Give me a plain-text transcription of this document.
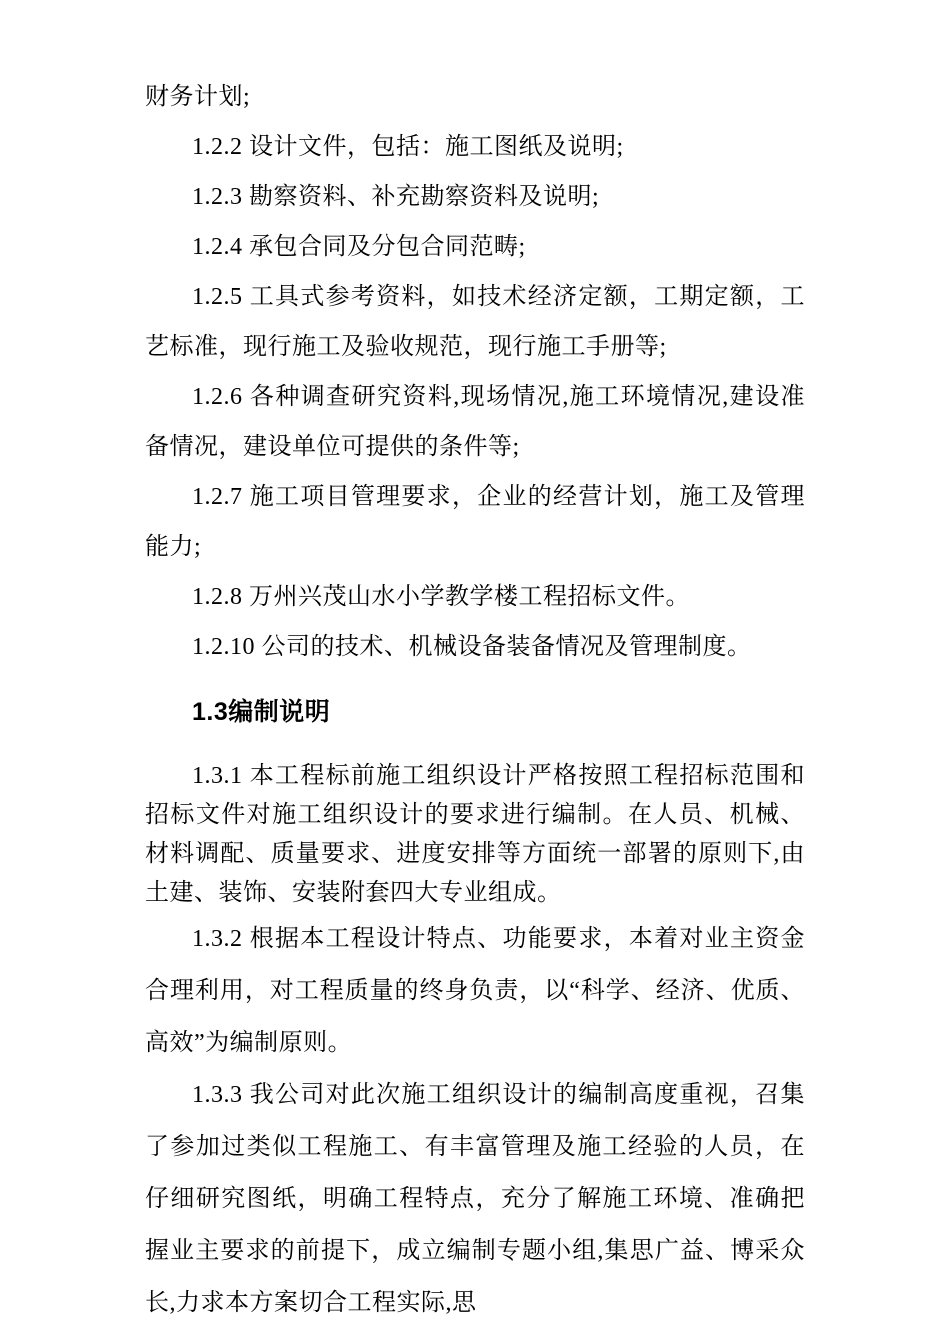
财务计划;

1.2.2 设计文件，包括：施工图纸及说明;

1.2.3 勘察资料、补充勘察资料及说明;

1.2.4 承包合同及分包合同范畴;

1.2.5 工具式参考资料，如技术经济定额，工期定额，工艺标准，现行施工及验收规范，现行施工手册等;

1.2.6 各种调查研究资料,现场情况,施工环境情况,建设准备情况，建设单位可提供的条件等;

1.2.7 施工项目管理要求，企业的经营计划，施工及管理能力;

1.2.8 万州兴茂山水小学教学楼工程招标文件。

1.2.10 公司的技术、机械设备装备情况及管理制度。

1.3编制说明

1.3.1 本工程标前施工组织设计严格按照工程招标范围和招标文件对施工组织设计的要求进行编制。在人员、机械、材料调配、质量要求、进度安排等方面统一部署的原则下,由土建、装饰、安装附套四大专业组成。

1.3.2 根据本工程设计特点、功能要求，本着对业主资金合理利用，对工程质量的终身负责，以“科学、经济、优质、高效”为编制原则。

1.3.3 我公司对此次施工组织设计的编制高度重视，召集了参加过类似工程施工、有丰富管理及施工经验的人员，在仔细研究图纸，明确工程特点，充分了解施工环境、准确把握业主要求的前提下，成立编制专题小组,集思广益、博采众长,力求本方案切合工程实际,思
